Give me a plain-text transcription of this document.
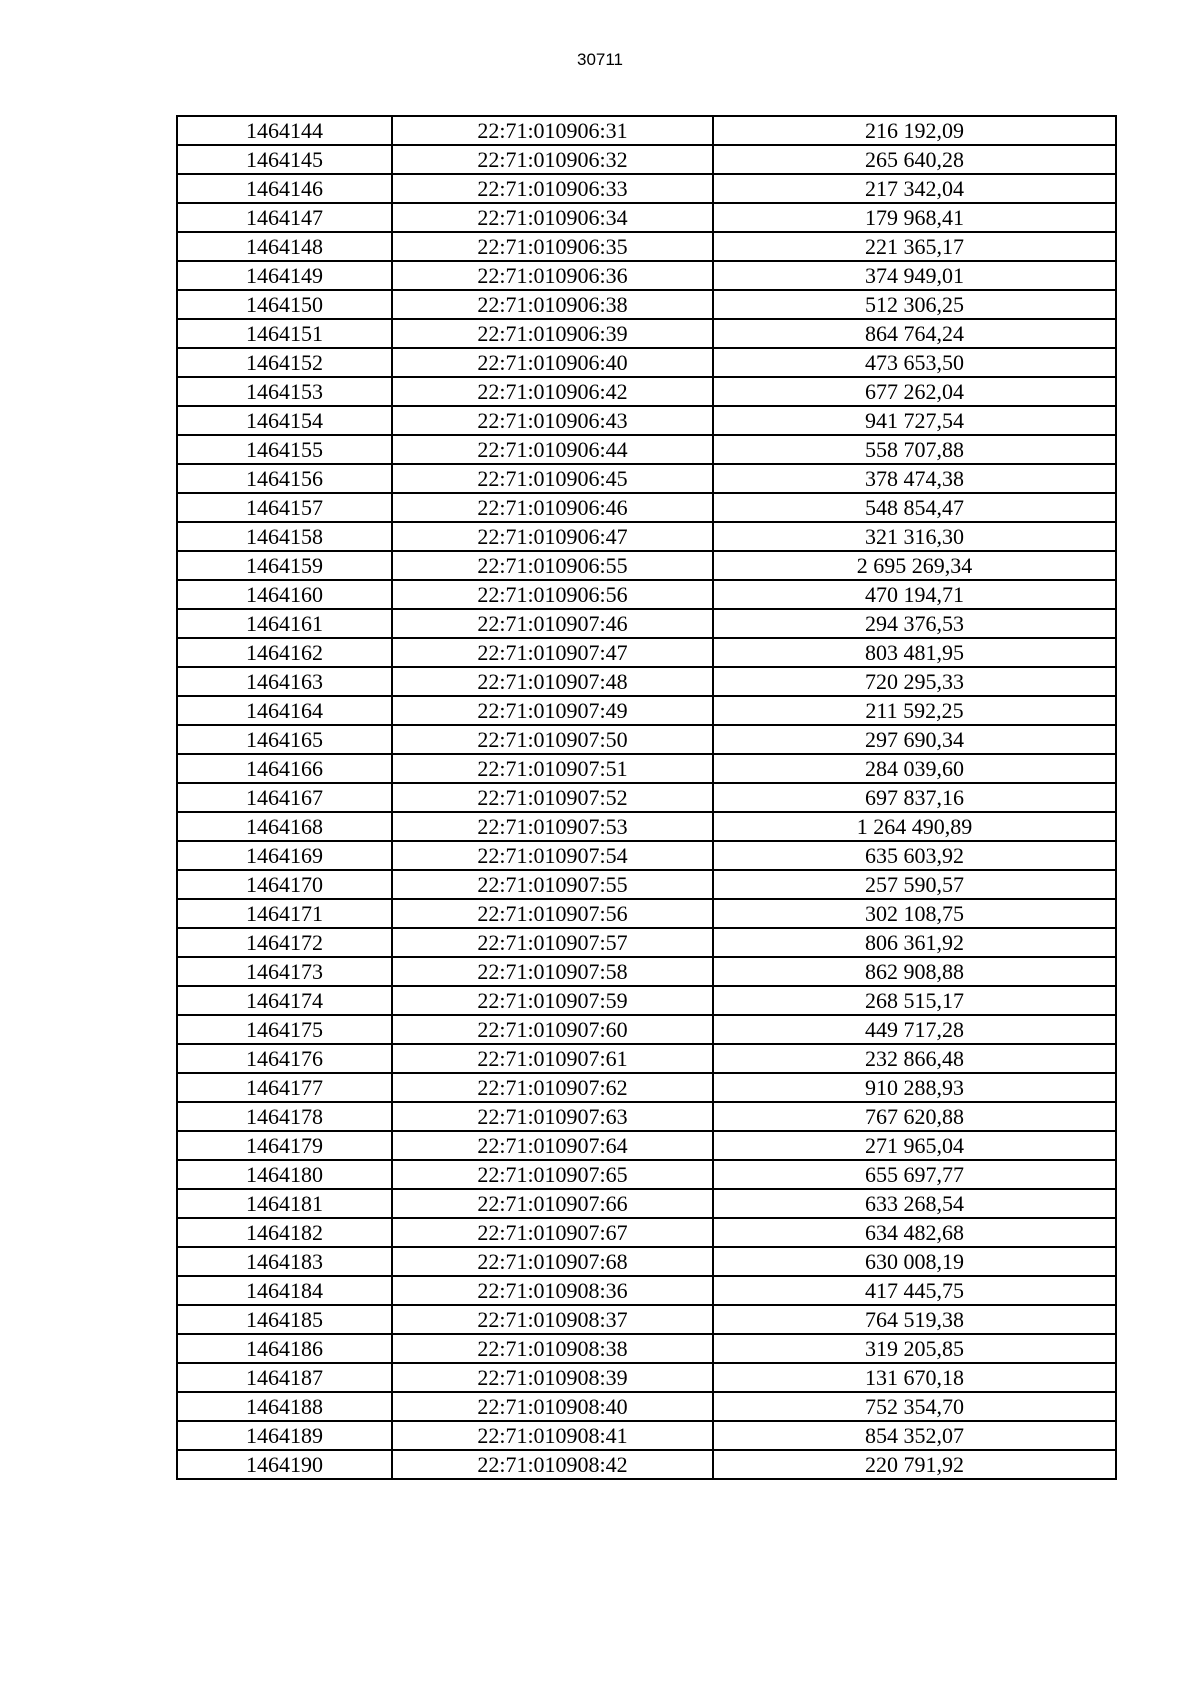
30711
1464144	22:71:010906:31	216 192,09
1464145	22:71:010906:32	265 640,28
1464146	22:71:010906:33	217 342,04
1464147	22:71:010906:34	179 968,41
1464148	22:71:010906:35	221 365,17
1464149	22:71:010906:36	374 949,01
1464150	22:71:010906:38	512 306,25
1464151	22:71:010906:39	864 764,24
1464152	22:71:010906:40	473 653,50
1464153	22:71:010906:42	677 262,04
1464154	22:71:010906:43	941 727,54
1464155	22:71:010906:44	558 707,88
1464156	22:71:010906:45	378 474,38
1464157	22:71:010906:46	548 854,47
1464158	22:71:010906:47	321 316,30
1464159	22:71:010906:55	2 695 269,34
1464160	22:71:010906:56	470 194,71
1464161	22:71:010907:46	294 376,53
1464162	22:71:010907:47	803 481,95
1464163	22:71:010907:48	720 295,33
1464164	22:71:010907:49	211 592,25
1464165	22:71:010907:50	297 690,34
1464166	22:71:010907:51	284 039,60
1464167	22:71:010907:52	697 837,16
1464168	22:71:010907:53	1 264 490,89
1464169	22:71:010907:54	635 603,92
1464170	22:71:010907:55	257 590,57
1464171	22:71:010907:56	302 108,75
1464172	22:71:010907:57	806 361,92
1464173	22:71:010907:58	862 908,88
1464174	22:71:010907:59	268 515,17
1464175	22:71:010907:60	449 717,28
1464176	22:71:010907:61	232 866,48
1464177	22:71:010907:62	910 288,93
1464178	22:71:010907:63	767 620,88
1464179	22:71:010907:64	271 965,04
1464180	22:71:010907:65	655 697,77
1464181	22:71:010907:66	633 268,54
1464182	22:71:010907:67	634 482,68
1464183	22:71:010907:68	630 008,19
1464184	22:71:010908:36	417 445,75
1464185	22:71:010908:37	764 519,38
1464186	22:71:010908:38	319 205,85
1464187	22:71:010908:39	131 670,18
1464188	22:71:010908:40	752 354,70
1464189	22:71:010908:41	854 352,07
1464190	22:71:010908:42	220 791,92
